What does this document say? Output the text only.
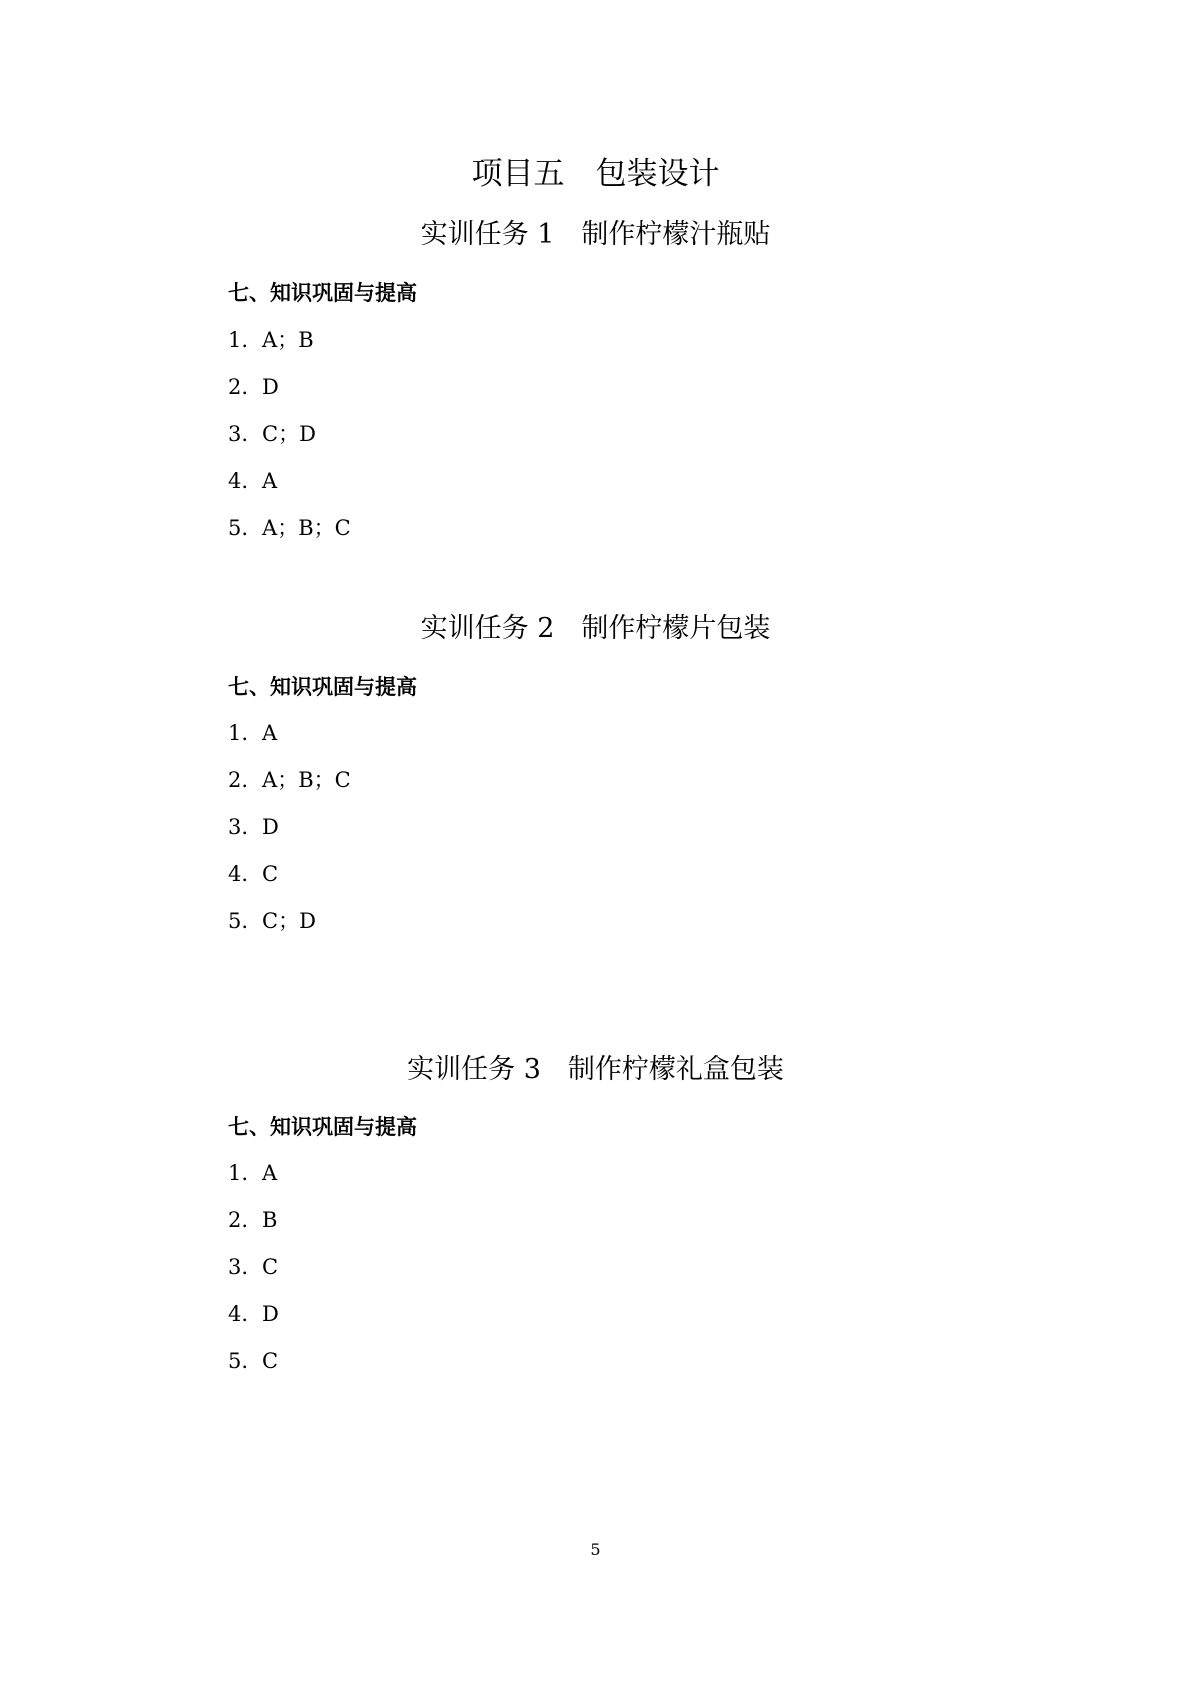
项目五　包装设计
实训任务 1　制作柠檬汁瓶贴
七、知识巩固与提高
1. A；B
2. D
3. C；D
4. A
5. A；B；C
实训任务 2　制作柠檬片包装
七、知识巩固与提高
1. A
2. A；B；C
3. D
4. C
5. C；D
实训任务 3　制作柠檬礼盒包装
七、知识巩固与提高
1. A
2. B
3. C
4. D
5. C
5
